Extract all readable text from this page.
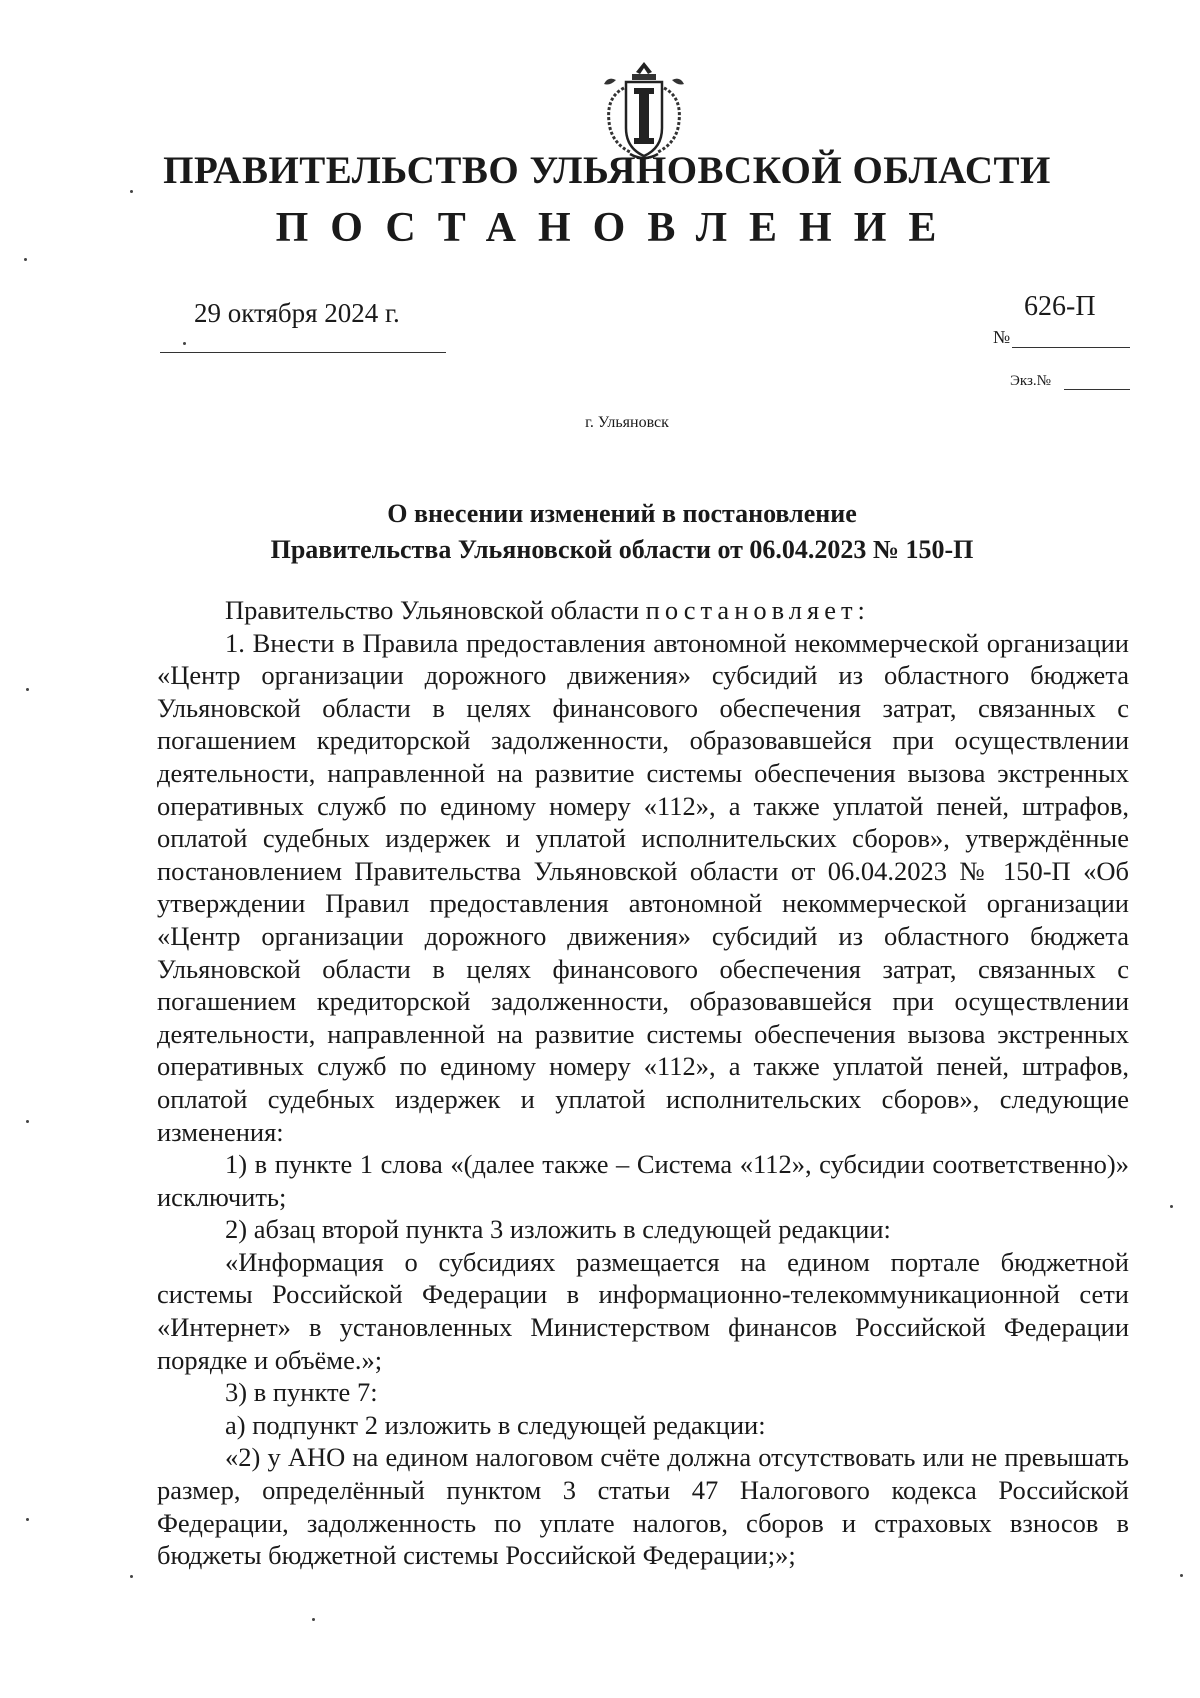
ПРАВИТЕЛЬСТВО УЛЬЯНОВСКОЙ ОБЛАСТИ
ПОСТАНОВЛЕНИЕ
29 октября 2024 г.	626-П
№
Экз.№
г. Ульяновск
О внесении изменений в постановление
Правительства Ульяновской области от 06.04.2023 № 150-П

Правительство Ульяновской области постановляет:

1. Внести в Правила предоставления автономной некоммерческой организации «Центр организации дорожного движения» субсидий из областного бюджета Ульяновской области в целях финансового обеспечения затрат, связанных с погашением кредиторской задолженности, образовавшейся при осуществлении деятельности, направленной на развитие системы обеспечения вызова экстренных оперативных служб по единому номеру «112», а также уплатой пеней, штрафов, оплатой судебных издержек и уплатой исполнительских сборов», утверждённые постановлением Правительства Ульяновской области от 06.04.2023 № 150-П «Об утверждении Правил предоставления автономной некоммерческой организации «Центр организации дорожного движения» субсидий из областного бюджета Ульяновской области в целях финансового обеспечения затрат, связанных с погашением кредиторской задолженности, образовавшейся при осуществлении деятельности, направленной на развитие системы обеспечения вызова экстренных оперативных служб по единому номеру «112», а также уплатой пеней, штрафов, оплатой судебных издержек и уплатой исполнительских сборов», следующие изменения:

1) в пункте 1 слова «(далее также – Система «112», субсидии соответственно)» исключить;

2) абзац второй пункта 3 изложить в следующей редакции:

«Информация о субсидиях размещается на едином портале бюджетной системы Российской Федерации в информационно-телекоммуникационной сети «Интернет» в установленных Министерством финансов Российской Федерации порядке и объёме.»;

3) в пункте 7:

а) подпункт 2 изложить в следующей редакции:

«2) у АНО на едином налоговом счёте должна отсутствовать или не превышать размер, определённый пунктом 3 статьи 47 Налогового кодекса Российской Федерации, задолженность по уплате налогов, сборов и страховых взносов в бюджеты бюджетной системы Российской Федерации;»;
